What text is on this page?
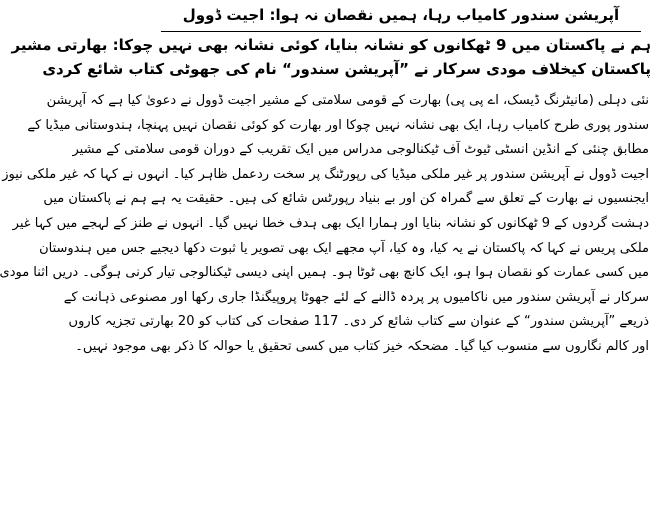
آپریشن سندور کامیاب رہا، ہمیں نقصان نہ ہوا: اجیت ڈوول
ہم نے پاکستان میں 9 ٹھکانوں کو نشانہ بنایا، کوئی نشانہ بھی نہیں چوکا: بھارتی مشیر
پاکستان کیخلاف مودی سرکار نے ”آپریشن سندور“ نام کی جھوٹی کتاب شائع کردی
نئی دہلی (مانیٹرنگ ڈیسک، اے پی پی) بھارت کے قومی سلامتی کے مشیر اجیت ڈوول نے دعویٰ کیا ہے کہ آپریشن
سندور پوری طرح کامیاب رہا، ایک بھی نشانہ نہیں چوکا اور بھارت کو کوئی نقصان نہیں پہنچا، ہندوستانی میڈیا کے
مطابق چنئی کے انڈین انسٹی ٹیوٹ آف ٹیکنالوجی مدراس میں ایک تقریب کے دوران قومی سلامتی کے مشیر
اجیت ڈوول نے آپریشن سندور پر غیر ملکی میڈیا کی رپورٹنگ پر سخت ردعمل ظاہر کیا۔ انہوں نے کہا کہ غیر ملکی نیوز
ایجنسیوں نے بھارت کے تعلق سے گمراہ کن اور بے بنیاد رپورٹس شائع کی ہیں۔ حقیقت یہ ہے ہم نے پاکستان میں
دہشت گردوں کے 9 ٹھکانوں کو نشانہ بنایا اور ہمارا ایک بھی ہدف خطا نہیں گیا۔ انہوں نے طنز کے لہجے میں کہا غیر
ملکی پریس نے کہا کہ پاکستان نے یہ کیا، وہ کیا، آپ مجھے ایک بھی تصویر یا ثبوت دکھا دیجیے جس میں ہندوستان
میں کسی عمارت کو نقصان ہوا ہو، ایک کانچ بھی ٹوٹا ہو۔ ہمیں اپنی دیسی ٹیکنالوجی تیار کرنی ہوگی۔ دریں اثنا مودی
سرکار نے آپریشن سندور میں ناکامیوں پر پردہ ڈالنے کے لئے جھوٹا پروپیگنڈا جاری رکھا اور مصنوعی ذہانت کے
ذریعے ”آپریشن سندور“ کے عنوان سے کتاب شائع کر دی۔ 117 صفحات کی کتاب کو 20 بھارتی تجزیہ کاروں
اور کالم نگاروں سے منسوب کیا گیا۔ مضحکہ خیز کتاب میں کسی تحقیق یا حوالہ کا ذکر بھی موجود نہیں۔
